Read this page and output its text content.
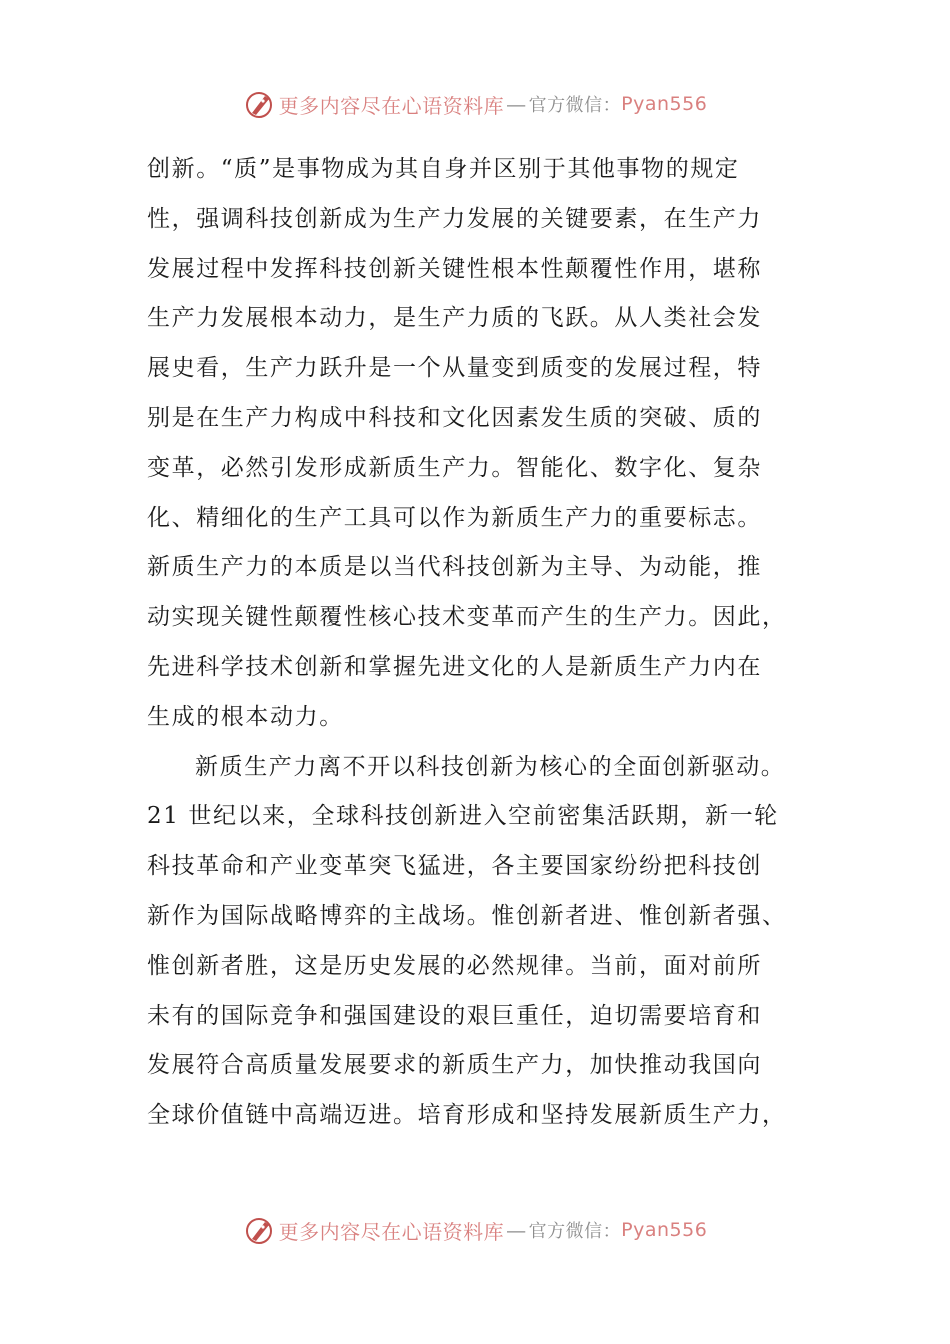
更多内容尽在心语资料库 — 官方微信： Pyan556
创新。“质”是事物成为其自身并区别于其他事物的规定
性，强调科技创新成为生产力发展的关键要素，在生产力
发展过程中发挥科技创新关键性根本性颠覆性作用，堪称
生产力发展根本动力，是生产力质的飞跃。从人类社会发
展史看，生产力跃升是一个从量变到质变的发展过程，特
别是在生产力构成中科技和文化因素发生质的突破、质的
变革，必然引发形成新质生产力。智能化、数字化、复杂
化、精细化的生产工具可以作为新质生产力的重要标志。
新质生产力的本质是以当代科技创新为主导、为动能，推
动实现关键性颠覆性核心技术变革而产生的生产力。因此，
先进科学技术创新和掌握先进文化的人是新质生产力内在
生成的根本动力。
新质生产力离不开以科技创新为核心的全面创新驱动。
21 世纪以来，全球科技创新进入空前密集活跃期，新一轮
科技革命和产业变革突飞猛进，各主要国家纷纷把科技创
新作为国际战略博弈的主战场。惟创新者进、惟创新者强、
惟创新者胜，这是历史发展的必然规律。当前，面对前所
未有的国际竞争和强国建设的艰巨重任，迫切需要培育和
发展符合高质量发展要求的新质生产力，加快推动我国向
全球价值链中高端迈进。培育形成和坚持发展新质生产力，
更多内容尽在心语资料库 — 官方微信： Pyan556
